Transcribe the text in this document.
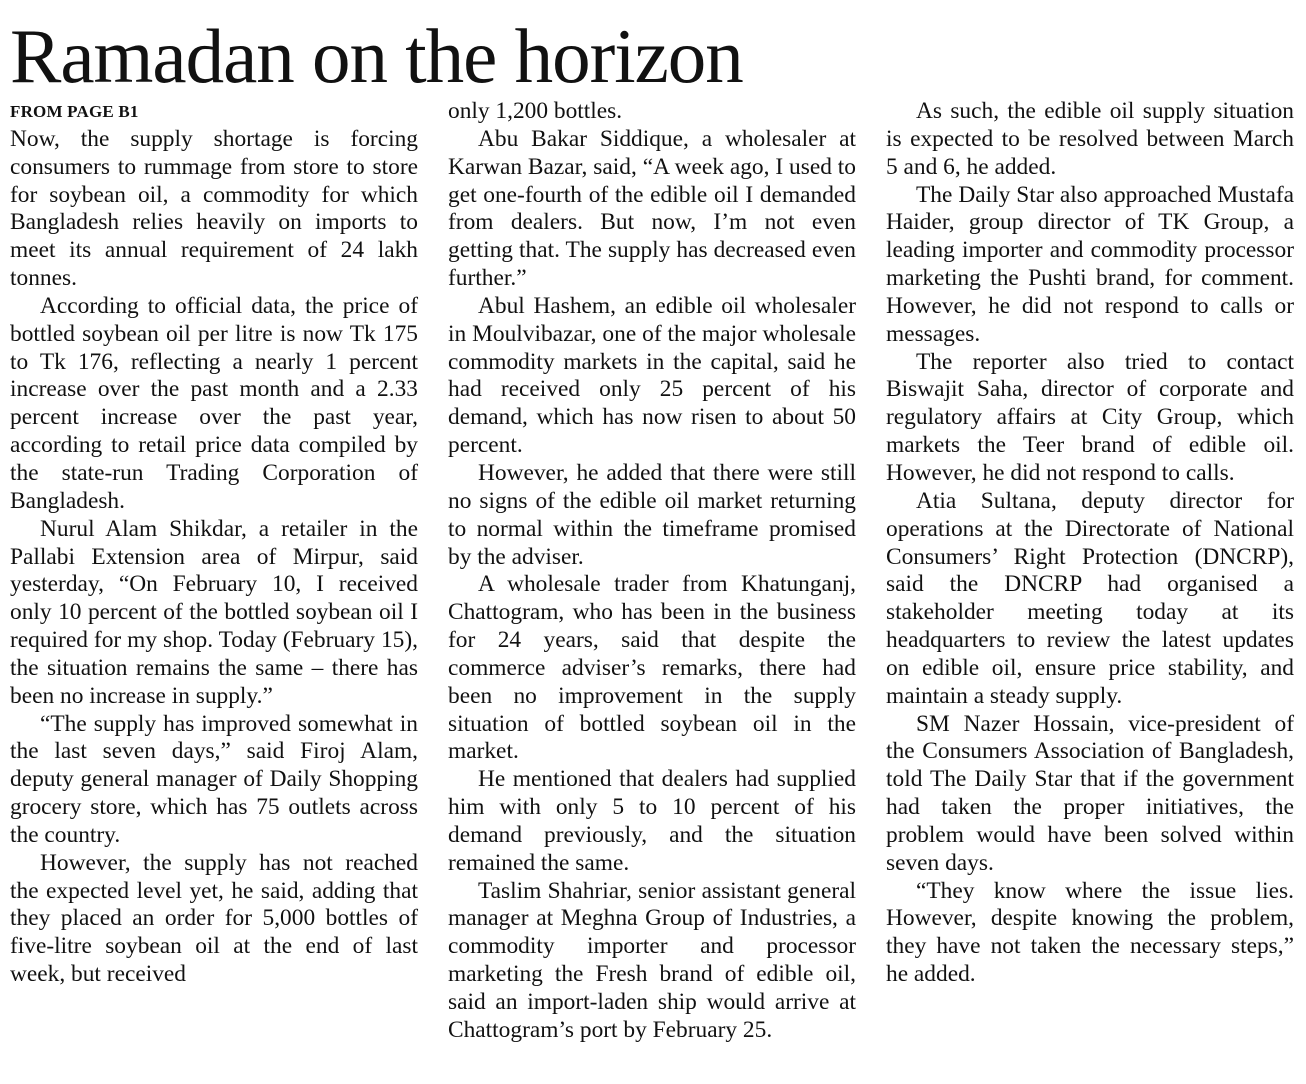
Ramadan on the horizon
FROM PAGE B1

Now, the supply shortage is forcing consumers to rummage from store to store for soybean oil, a commodity for which Bangladesh relies heavily on imports to meet its annual requirement of 24 lakh tonnes.

According to official data, the price of bottled soybean oil per litre is now Tk 175 to Tk 176, reflecting a nearly 1 percent increase over the past month and a 2.33 percent increase over the past year, according to retail price data compiled by the state-run Trading Corporation of Bangladesh.

Nurul Alam Shikdar, a retailer in the Pallabi Extension area of Mirpur, said yesterday, “On February 10, I received only 10 percent of the bottled soybean oil I required for my shop. Today (February 15), the situation remains the same – there has been no increase in supply.”

“The supply has improved somewhat in the last seven days,” said Firoj Alam, deputy general manager of Daily Shopping grocery store, which has 75 outlets across the country.

However, the supply has not reached the expected level yet, he said, adding that they placed an order for 5,000 bottles of five-litre soybean oil at the end of last week, but received

only 1,200 bottles.

Abu Bakar Siddique, a wholesaler at Karwan Bazar, said, “A week ago, I used to get one-fourth of the edible oil I demanded from dealers. But now, I’m not even getting that. The supply has decreased even further.”

Abul Hashem, an edible oil wholesaler in Moulvibazar, one of the major wholesale commodity markets in the capital, said he had received only 25 percent of his demand, which has now risen to about 50 percent.

However, he added that there were still no signs of the edible oil market returning to normal within the timeframe promised by the adviser.

A wholesale trader from Khatunganj, Chattogram, who has been in the business for 24 years, said that despite the commerce adviser’s remarks, there had been no improvement in the supply situation of bottled soybean oil in the market.

He mentioned that dealers had supplied him with only 5 to 10 percent of his demand previously, and the situation remained the same.

Taslim Shahriar, senior assistant general manager at Meghna Group of Industries, a commodity importer and processor marketing the Fresh brand of edible oil, said an import-laden ship would arrive at Chattogram’s port by February 25.

As such, the edible oil supply situation is expected to be resolved between March 5 and 6, he added.

The Daily Star also approached Mustafa Haider, group director of TK Group, a leading importer and commodity processor marketing the Pushti brand, for comment. However, he did not respond to calls or messages.

The reporter also tried to contact Biswajit Saha, director of corporate and regulatory affairs at City Group, which markets the Teer brand of edible oil. However, he did not respond to calls.

Atia Sultana, deputy director for operations at the Directorate of National Consumers’ Right Protection (DNCRP), said the DNCRP had organised a stakeholder meeting today at its headquarters to review the latest updates on edible oil, ensure price stability, and maintain a steady supply.

SM Nazer Hossain, vice-president of the Consumers Association of Bangladesh, told The Daily Star that if the government had taken the proper initiatives, the problem would have been solved within seven days.

“They know where the issue lies. However, despite knowing the problem, they have not taken the necessary steps,” he added.
